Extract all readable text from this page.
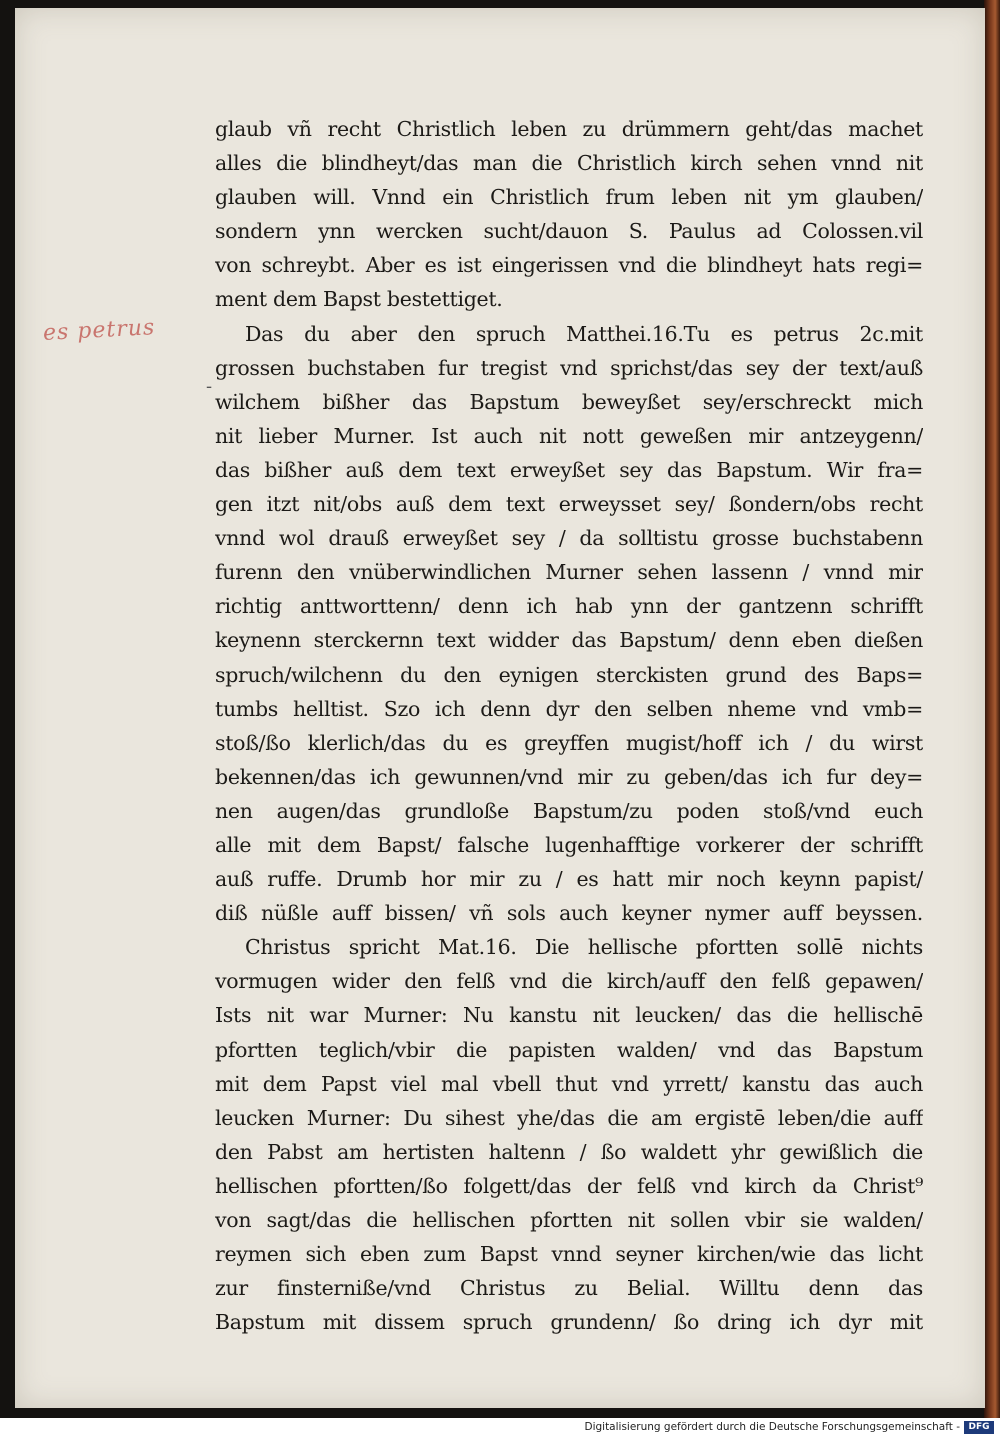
es petrus
-
glaub vñ recht Christlich leben zu drümmern geht/das machet
alles die blindheyt/das man die Christlich kirch sehen vnnd nit
glauben will. Vnnd ein Christlich frum leben nit ym glauben/
sondern ynn wercken sucht/dauon S. Paulus ad Colossen.vil
von schreybt. Aber es ist eingerissen vnd die blindheyt hats regi=
ment dem Bapst bestettiget.
Das du aber den spruch Matthei.16.Tu es petrus 2c.mit
grossen buchstaben fur tregist vnd sprichst/das sey der text/auß
wilchem bißher das Bapstum beweyßet sey/erschreckt mich
nit lieber Murner. Ist auch nit nott geweßen mir antzeygenn/
das bißher auß dem text erweyßet sey das Bapstum. Wir fra=
gen itzt nit/obs auß dem text erweysset sey/ ßondern/obs recht
vnnd wol drauß erweyßet sey / da solltistu grosse buchstabenn
furenn den vnüberwindlichen Murner sehen lassenn / vnnd mir
richtig anttworttenn/ denn ich hab ynn der gantzenn schrifft
keynenn sterckernn text widder das Bapstum/ denn eben dießen
spruch/wilchenn du den eynigen sterckisten grund des Baps=
tumbs helltist. Szo ich denn dyr den selben nheme vnd vmb=
stoß/ßo klerlich/das du es greyffen mugist/hoff ich / du wirst
bekennen/das ich gewunnen/vnd mir zu geben/das ich fur dey=
nen augen/das grundloße Bapstum/zu poden stoß/vnd euch
alle mit dem Bapst/ falsche lugenhafftige vorkerer der schrifft
auß ruffe. Drumb hor mir zu / es hatt mir noch keynn papist/
diß nüßle auff bissen/ vñ sols auch keyner nymer auff beyssen.
Christus spricht Mat.16. Die hellische pfortten sollē nichts
vormugen wider den felß vnd die kirch/auff den felß gepawen/
Ists nit war Murner: Nu kanstu nit leucken/ das die hellischē
pfortten teglich/vbir die papisten walden/ vnd das Bapstum
mit dem Papst viel mal vbell thut vnd yrrett/ kanstu das auch
leucken Murner: Du sihest yhe/das die am ergistē leben/die auff
den Pabst am hertisten haltenn / ßo waldett yhr gewißlich die
hellischen pfortten/ßo folgett/das der felß vnd kirch da Christ⁹
von sagt/das die hellischen pfortten nit sollen vbir sie walden/
reymen sich eben zum Bapst vnnd seyner kirchen/wie das licht
zur finsterniße/vnd Christus zu Belial. Willtu denn das
Bapstum mit dissem spruch grundenn/ ßo dring ich dyr mit
Digitalisierung gefördert durch die Deutsche Forschungsgemeinschaft - DFG
